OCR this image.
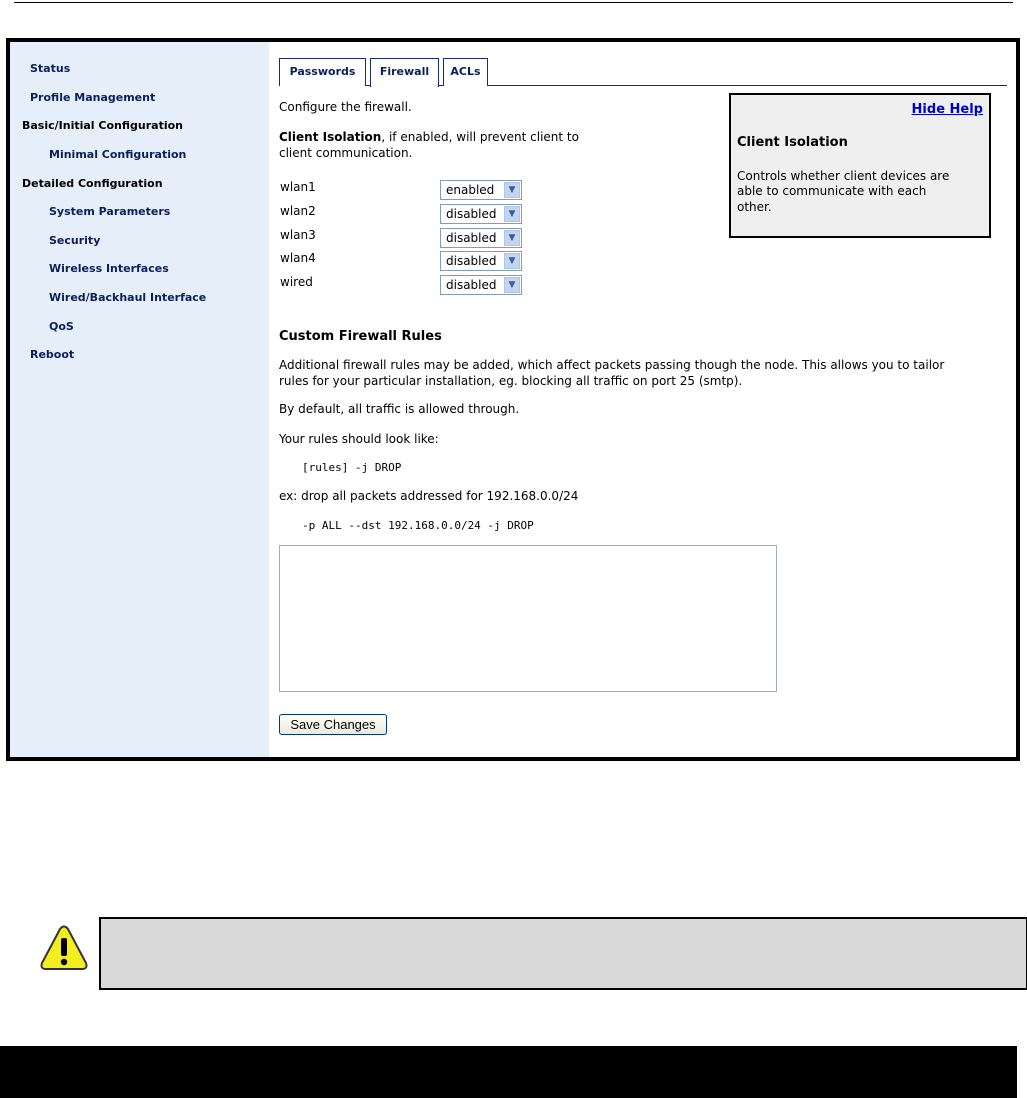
Status
Profile Management
Basic/Initial Configuration
Minimal Configuration
Detailed Configuration
System Parameters
Security
Wireless Interfaces
Wired/Backhaul Interface
QoS
Reboot
Passwords	Firewall	ACLs
Configure the firewall.
Client Isolation, if enabled, will prevent client to
client communication.
wlan1	enabled	▼
wlan2	disabled	▼
wlan3	disabled	▼
wlan4	disabled	▼
wired	disabled	▼
Custom Firewall Rules
Additional firewall rules may be added, which affect packets passing though the node. This allows you to tailor
rules for your particular installation, eg. blocking all traffic on port 25 (smtp).
By default, all traffic is allowed through.
Your rules should look like:
[rules] -j DROP
ex: drop all packets addressed for 192.168.0.0/24
-p ALL --dst 192.168.0.0/24 -j DROP
Save Changes
Hide Help
Client Isolation
Controls whether client devices are
able to communicate with each
other.
